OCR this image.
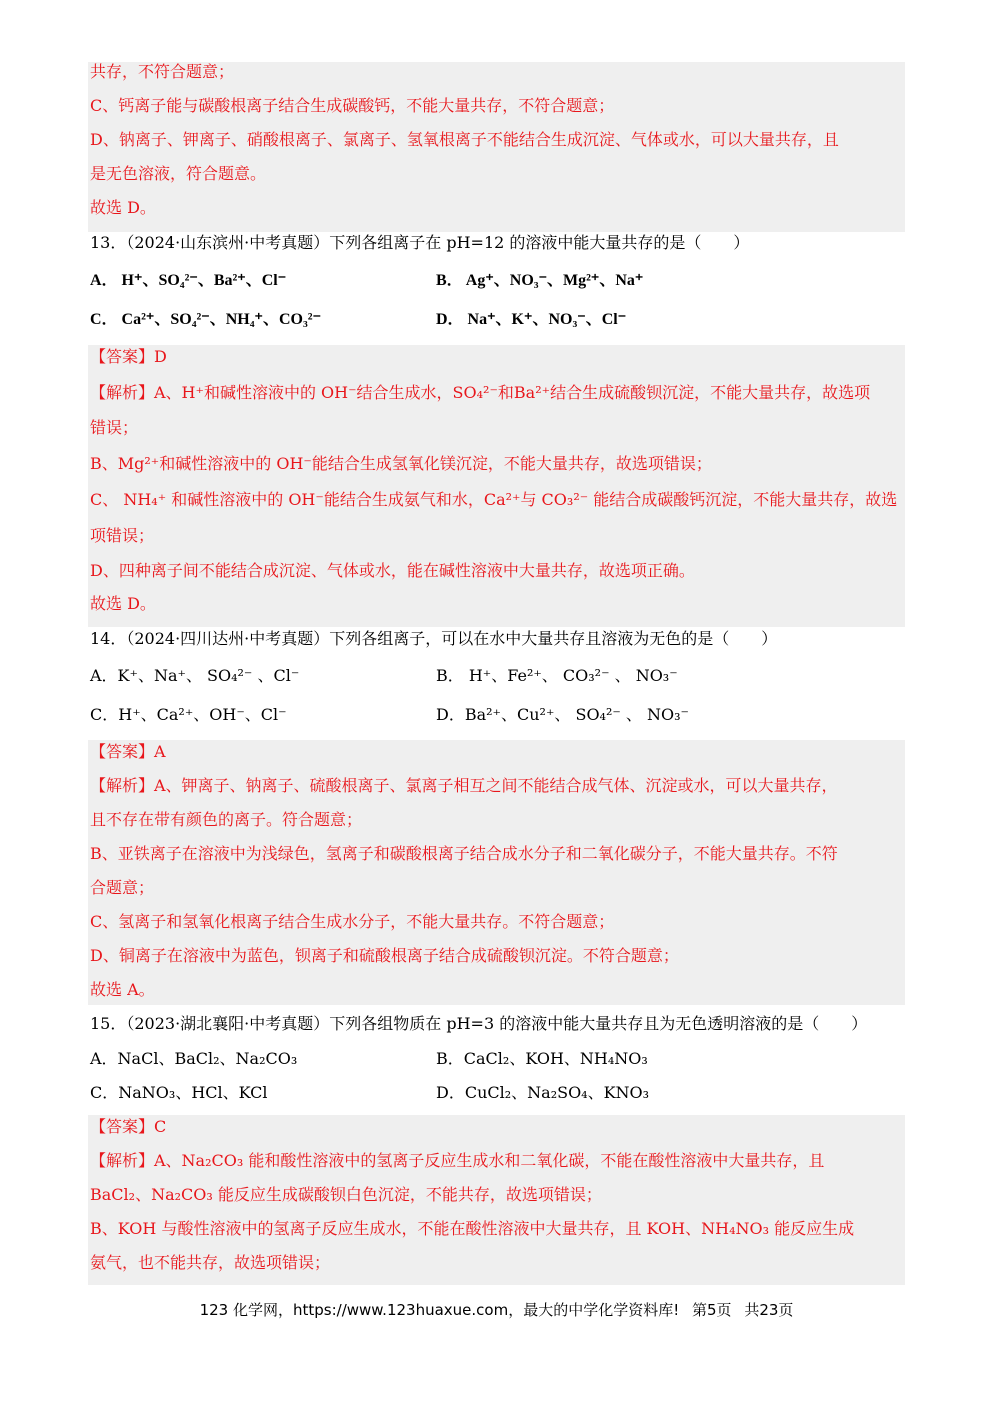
共存，不符合题意；
C、钙离子能与碳酸根离子结合生成碳酸钙，不能大量共存，不符合题意；
D、钠离子、钾离子、硝酸根离子、氯离子、氢氧根离子不能结合生成沉淀、气体或水，可以大量共存，且
是无色溶液，符合题意。
故选 D。
13．（2024·山东滨州·中考真题）下列各组离子在 pH=12 的溶液中能大量共存的是（　　）
A． H⁺、SO₄²⁻、Ba²⁺、Cl⁻	B． Ag⁺、NO₃⁻、Mg²⁺、Na⁺
C． Ca²⁺、SO₄²⁻、NH₄⁺、CO₃²⁻	D． Na⁺、K⁺、NO₃⁻、Cl⁻
【答案】D
【解析】A、H⁺和碱性溶液中的 OH⁻结合生成水，SO₄²⁻和Ba²⁺结合生成硫酸钡沉淀，不能大量共存，故选项
错误；
B、Mg²⁺和碱性溶液中的 OH⁻能结合生成氢氧化镁沉淀，不能大量共存，故选项错误；
C、 NH₄⁺ 和碱性溶液中的 OH⁻能结合生成氨气和水，Ca²⁺与 CO₃²⁻ 能结合成碳酸钙沉淀，不能大量共存，故选
项错误；
D、四种离子间不能结合成沉淀、气体或水，能在碱性溶液中大量共存，故选项正确。
故选 D。
14．（2024·四川达州·中考真题）下列各组离子，可以在水中大量共存且溶液为无色的是（　　）
A．K⁺、Na⁺、 SO₄²⁻ 、Cl⁻	B． H⁺、Fe²⁺、 CO₃²⁻ 、 NO₃⁻
C．H⁺、Ca²⁺、OH⁻、Cl⁻	D．Ba²⁺、Cu²⁺、 SO₄²⁻ 、 NO₃⁻
【答案】A
【解析】A、钾离子、钠离子、硫酸根离子、氯离子相互之间不能结合成气体、沉淀或水，可以大量共存，
且不存在带有颜色的离子。符合题意；
B、亚铁离子在溶液中为浅绿色，氢离子和碳酸根离子结合成水分子和二氧化碳分子，不能大量共存。不符
合题意；
C、氢离子和氢氧化根离子结合生成水分子，不能大量共存。不符合题意；
D、铜离子在溶液中为蓝色，钡离子和硫酸根离子结合成硫酸钡沉淀。不符合题意；
故选 A。
15．（2023·湖北襄阳·中考真题）下列各组物质在 pH=3 的溶液中能大量共存且为无色透明溶液的是（　　）
A．NaCl、BaCl₂、Na₂CO₃	B．CaCl₂、KOH、NH₄NO₃
C．NaNO₃、HCl、KCl	D．CuCl₂、Na₂SO₄、KNO₃
【答案】C
【解析】A、Na₂CO₃ 能和酸性溶液中的氢离子反应生成水和二氧化碳，不能在酸性溶液中大量共存，且
BaCl₂、Na₂CO₃ 能反应生成碳酸钡白色沉淀，不能共存，故选项错误；
B、KOH 与酸性溶液中的氢离子反应生成水，不能在酸性溶液中大量共存，且 KOH、NH₄NO₃ 能反应生成
氨气，也不能共存，故选项错误；
123 化学网，https://www.123huaxue.com，最大的中学化学资料库! 第5页 共23页
